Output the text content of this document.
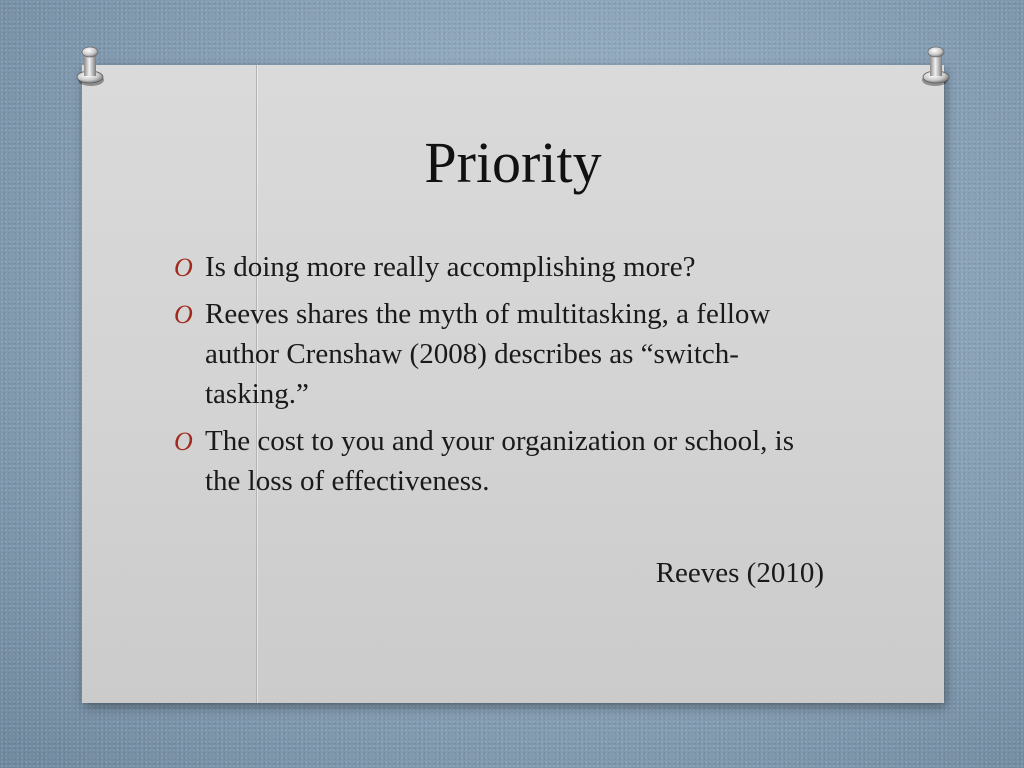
Priority
O Is doing more really accomplishing more?
O Reeves shares the myth of multitasking, a fellow author Crenshaw (2008) describes as “switch-tasking.”
O The cost to you and your organization or school, is the loss of effectiveness.
Reeves (2010)
